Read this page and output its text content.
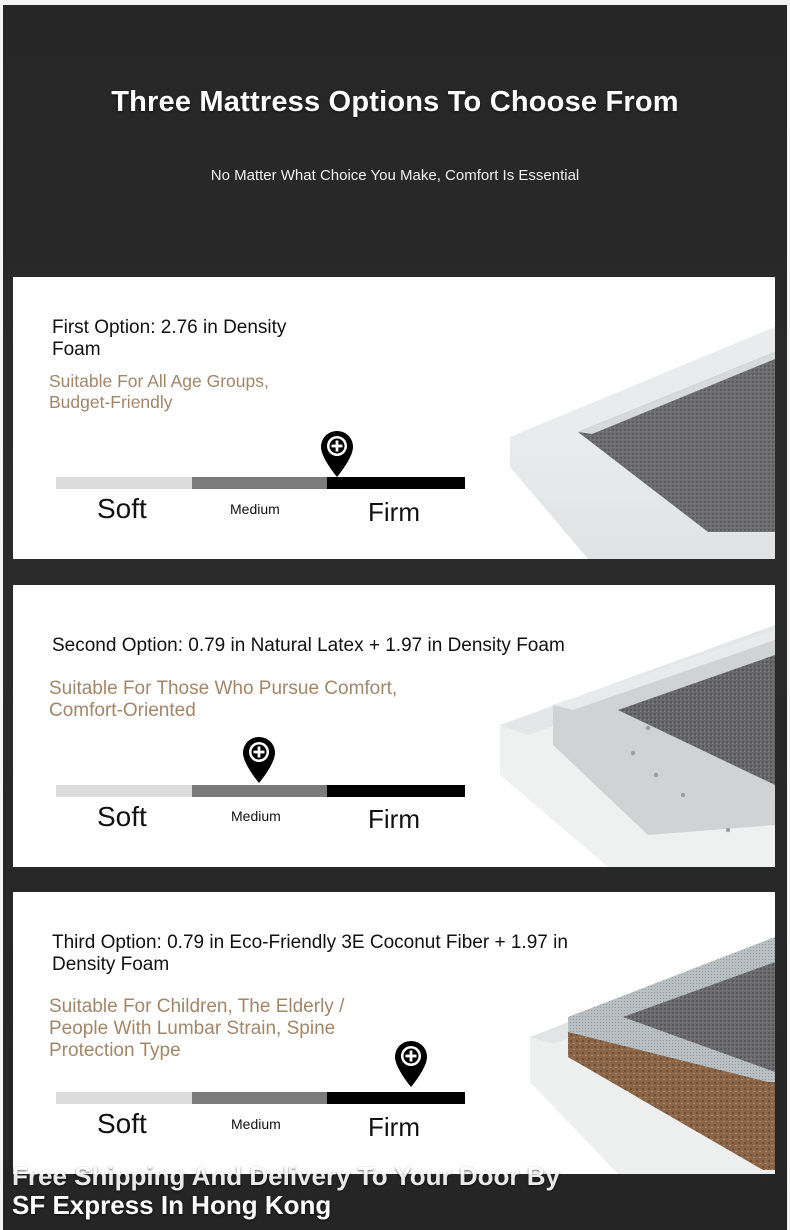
Three Mattress Options To Choose From
No Matter What Choice You Make, Comfort Is Essential
First Option: 2.76 in Density
Foam
Suitable For All Age Groups,
Budget-Friendly
Soft	Medium	Firm
Second Option: 0.79 in Natural Latex + 1.97 in Density Foam
Suitable For Those Who Pursue Comfort,
Comfort-Oriented
Soft	Medium	Firm
Third Option: 0.79 in Eco-Friendly 3E Coconut Fiber + 1.97 in
Density Foam
Suitable For Children, The Elderly /
People With Lumbar Strain, Spine
Protection Type
Soft	Medium	Firm
Free Shipping And Delivery To Your Door By
SF Express In Hong Kong
